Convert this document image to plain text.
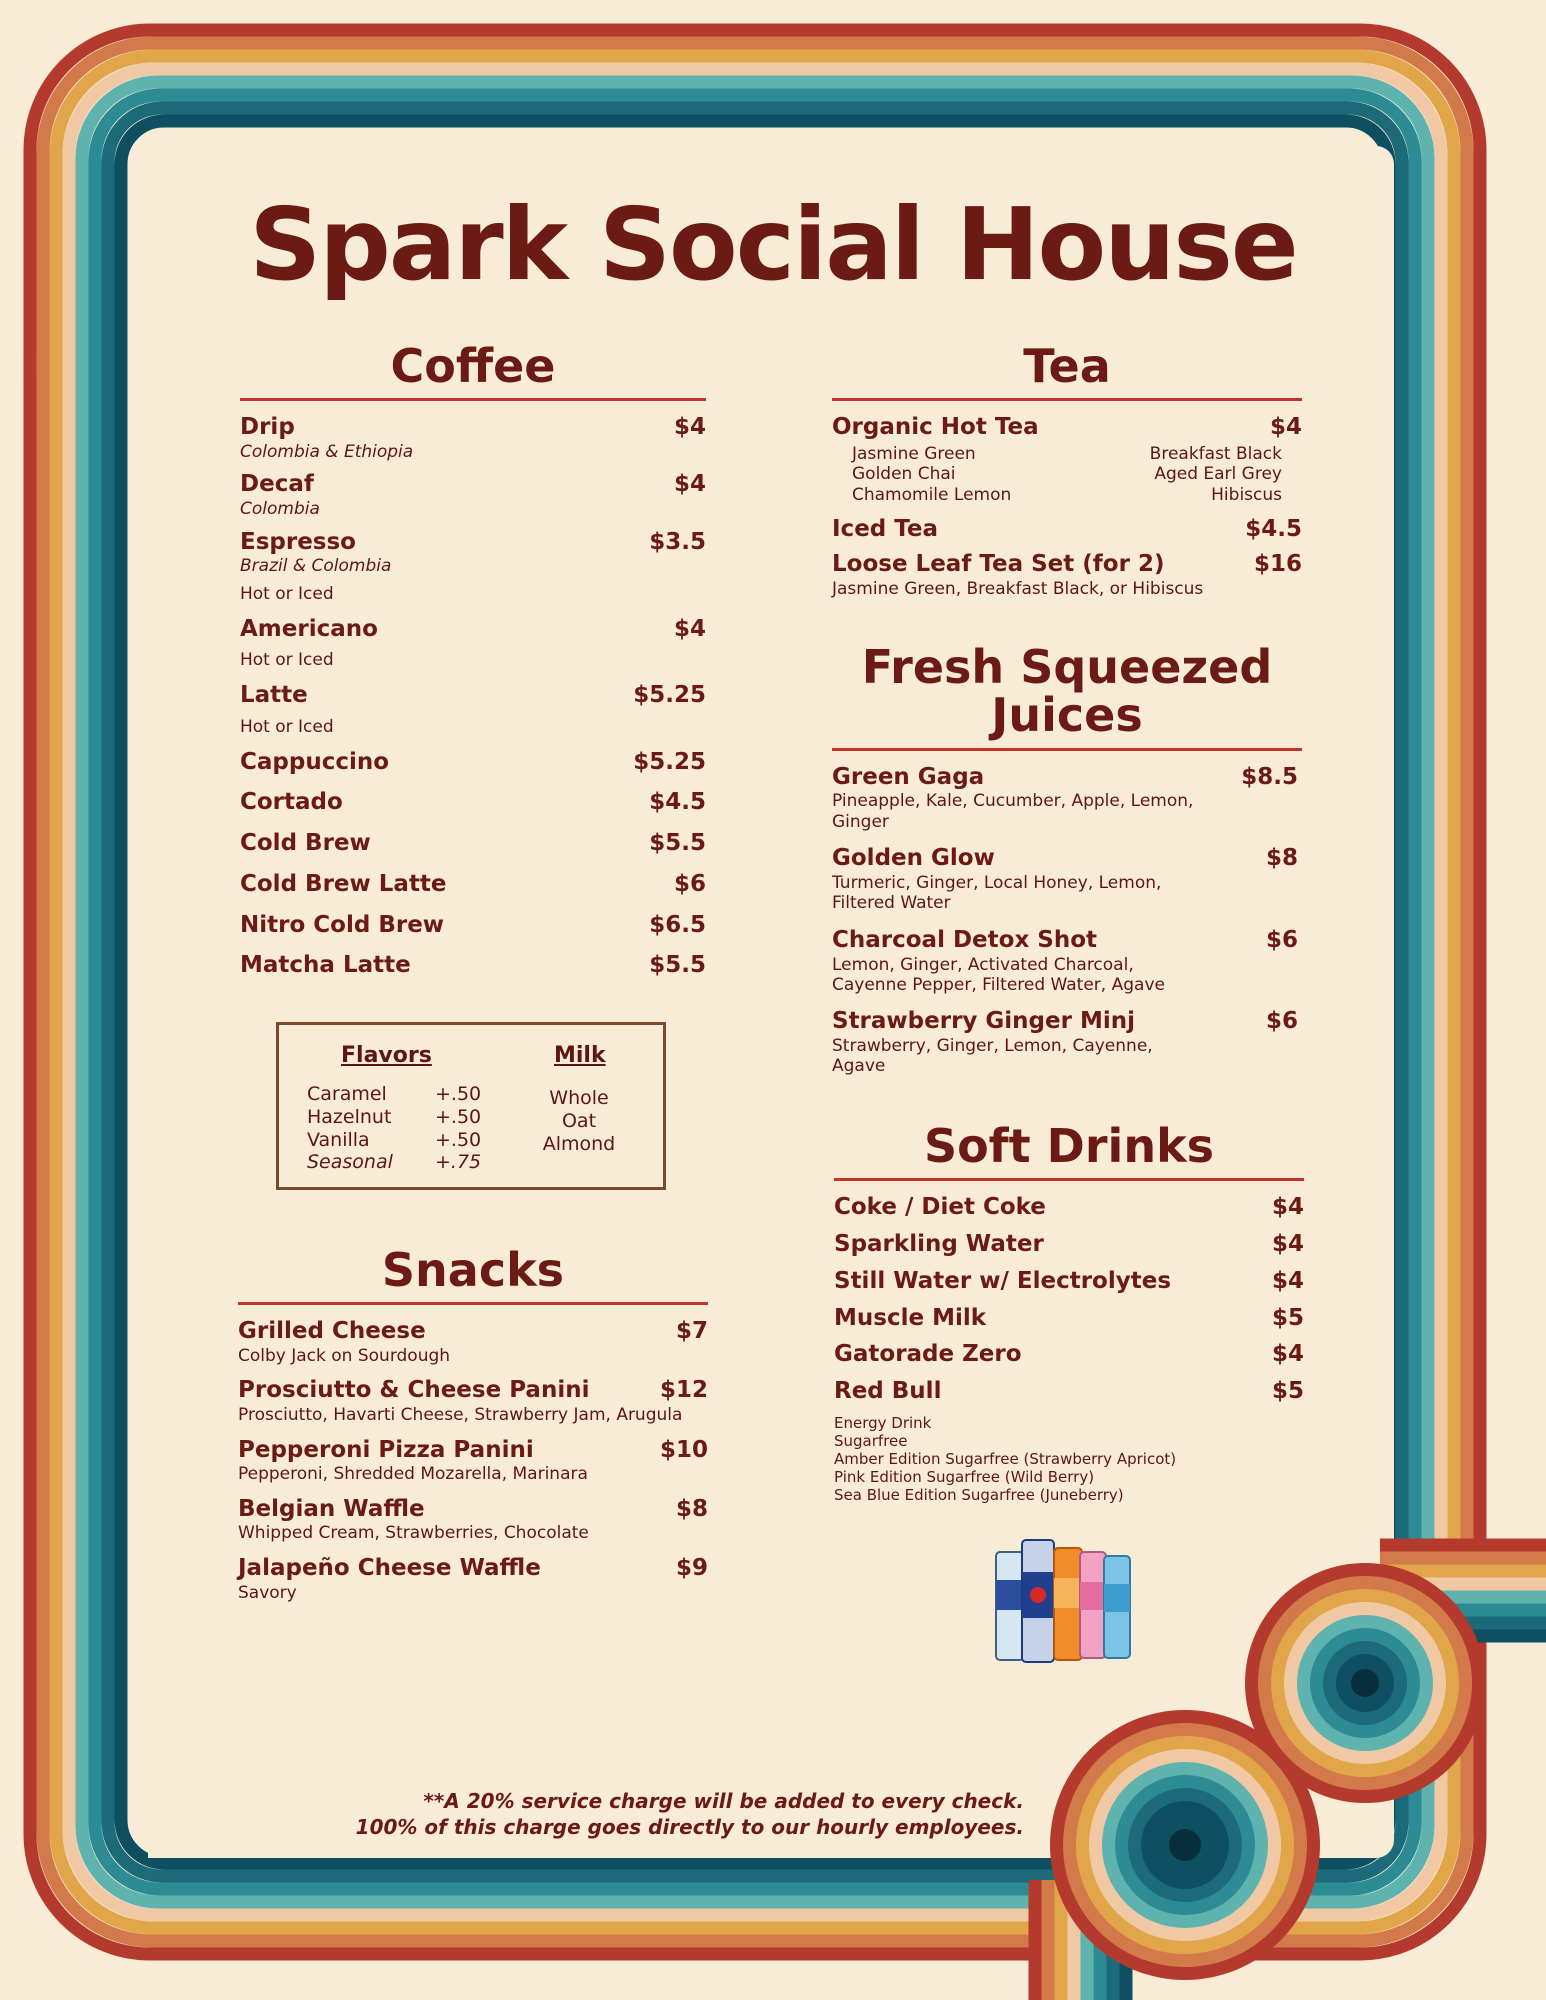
Spark Social House
Coffee
Drip	$4
Colombia & Ethiopia
Decaf	$4
Colombia
Espresso	$3.5
Brazil & Colombia
Hot or Iced
Americano	$4
Hot or Iced
Latte	$5.25
Hot or Iced
Cappuccino	$5.25
Cortado	$4.5
Cold Brew	$5.5
Cold Brew Latte	$6
Nitro Cold Brew	$6.5
Matcha Latte	$5.5
Flavors	Milk
Caramel	+.50
Hazelnut	+.50
Vanilla	+.50
Seasonal	+.75
Whole
Oat
Almond
Snacks
Grilled Cheese	$7
Colby Jack on Sourdough
Prosciutto & Cheese Panini	$12
Prosciutto, Havarti Cheese, Strawberry Jam, Arugula
Pepperoni Pizza Panini	$10
Pepperoni, Shredded Mozarella, Marinara
Belgian Waffle	$8
Whipped Cream, Strawberries, Chocolate
Jalapeño Cheese Waffle	$9
Savory
Tea
Organic Hot Tea	$4
Jasmine Green
Golden Chai
Chamomile Lemon
Breakfast Black
Aged Earl Grey
Hibiscus
Iced Tea	$4.5
Loose Leaf Tea Set (for 2)	$16
Jasmine Green, Breakfast Black, or Hibiscus
Fresh Squeezed Juices
Green Gaga	$8.5
Pineapple, Kale, Cucumber, Apple, Lemon, Ginger
Golden Glow	$8
Turmeric, Ginger, Local Honey, Lemon, Filtered Water
Charcoal Detox Shot	$6
Lemon, Ginger, Activated Charcoal, Cayenne Pepper, Filtered Water, Agave
Strawberry Ginger Minj	$6
Strawberry, Ginger, Lemon, Cayenne, Agave
Soft Drinks
Coke / Diet Coke	$4
Sparkling Water	$4
Still Water w/ Electrolytes	$4
Muscle Milk	$5
Gatorade Zero	$4
Red Bull	$5
Energy Drink
Sugarfree
Amber Edition Sugarfree (Strawberry Apricot)
Pink Edition Sugarfree (Wild Berry)
Sea Blue Edition Sugarfree (Juneberry)
**A 20% service charge will be added to every check.
100% of this charge goes directly to our hourly employees.
